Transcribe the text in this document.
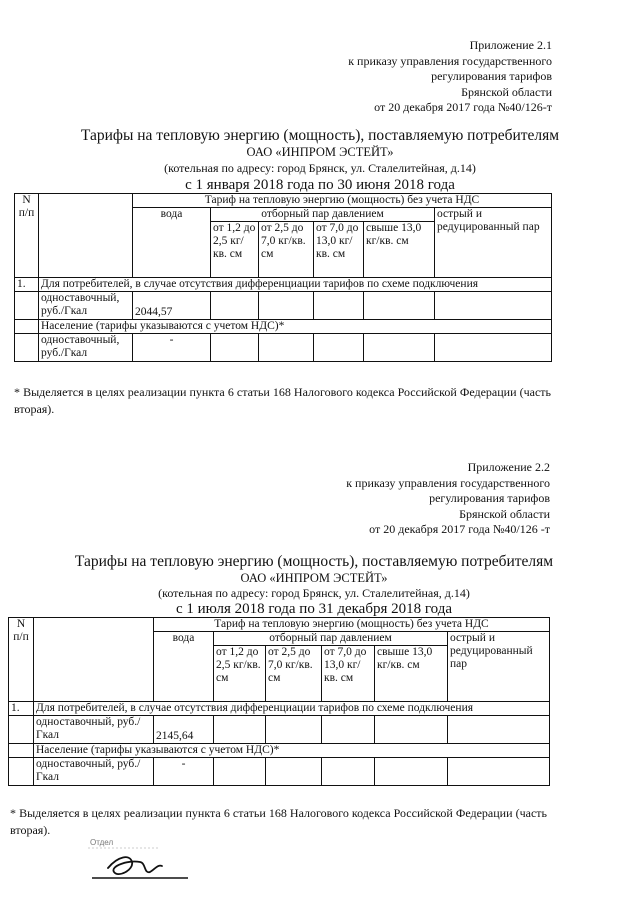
Приложение 2.1
к приказу управления государственного
регулирования тарифов
Брянской области
от 20 декабря 2017 года №40/126-т
Тарифы на тепловую энергию (мощность), поставляемую потребителям
ОАО «ИНПРОМ ЭСТЕЙТ»
(котельная по адресу: город Брянск, ул. Сталелитейная, д.14)
с 1 января 2018 года по 30 июня 2018 года
N п/п		Тариф на тепловую энергию (мощность) без учета НДС					
		вода	отборный пар давлением				острый и редуцированный пар
			от 1,2 до 2,5 кг/кв. см	от 2,5 до 7,0 кг/кв. см	от 7,0 до 13,0 кг/кв. см	свыше 13,0 кг/кв. см	
1.	Для потребителей, в случае отсутствия дифференциации тарифов по схеме подключения						
	одноставочный, руб./Гкал	2044,57					
	Население (тарифы указываются с учетом НДС)*						
	одноставочный, руб./Гкал	-					
* Выделяется в целях реализации пункта 6 статьи 168 Налогового кодекса Российской Федерации (часть вторая).
Приложение 2.2
к приказу управления государственного
регулирования тарифов
Брянской области
от 20 декабря 2017 года №40/126 -т
Тарифы на тепловую энергию (мощность), поставляемую потребителям
ОАО «ИНПРОМ ЭСТЕЙТ»
(котельная по адресу: город Брянск, ул. Сталелитейная, д.14)
с 1 июля 2018 года по 31 декабря 2018 года
N п/п		Тариф на тепловую энергию (мощность) без учета НДС					
		вода	отборный пар давлением				острый и редуцированный пар
			от 1,2 до 2,5 кг/кв. см	от 2,5 до 7,0 кг/кв. см	от 7,0 до 13,0 кг/кв. см	свыше 13,0 кг/кв. см	
1.	Для потребителей, в случае отсутствия дифференциации тарифов по схеме подключения						
	одноставочный, руб./Гкал	2145,64					
	Население (тарифы указываются с учетом НДС)*						
	одноставочный, руб./Гкал	-					
* Выделяется в целях реализации пункта 6 статьи 168 Налогового кодекса Российской Федерации (часть вторая).
Отдел
